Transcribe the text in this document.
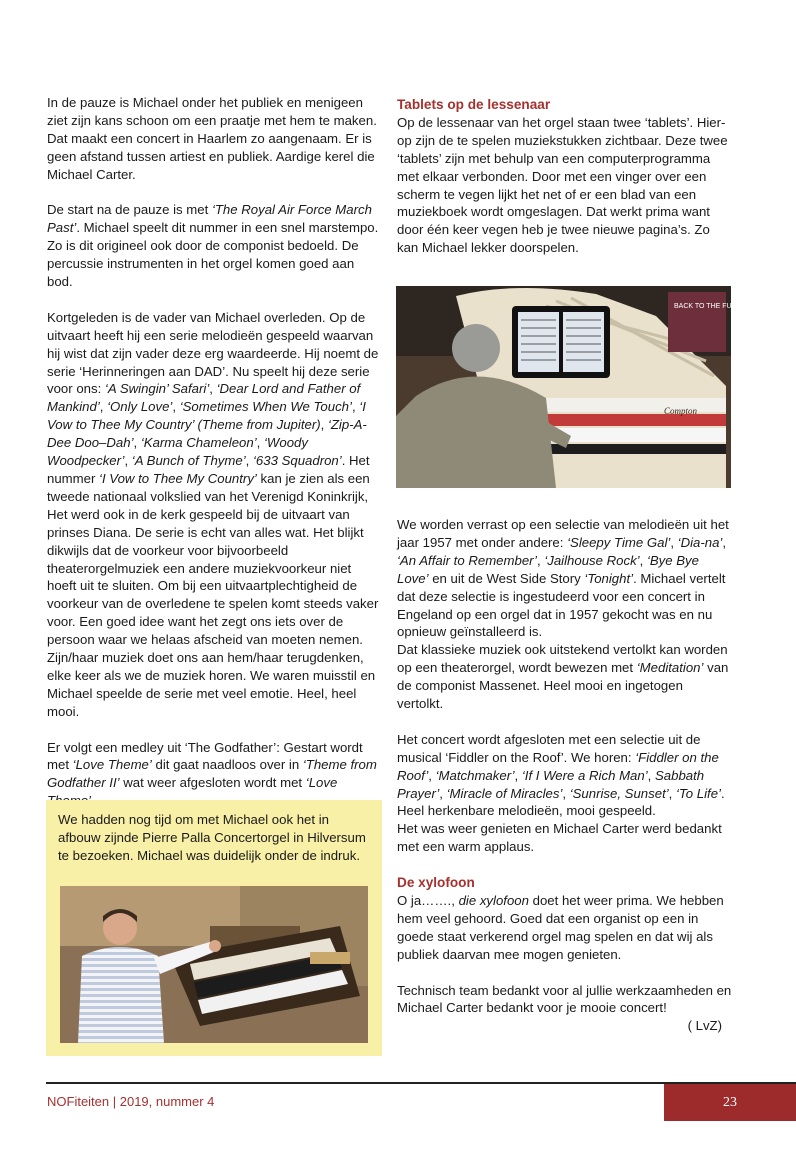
In de pauze is Michael onder het publiek en menigeen ziet zijn kans schoon om een praatje met hem te maken. Dat maakt een concert in Haarlem zo aangenaam. Er is geen afstand tussen artiest en publiek. Aardige kerel die Michael Carter.

De start na de pauze is met ‘The Royal Air Force March Past’. Michael speelt dit nummer in een snel marstempo. Zo is dit origineel ook door de componist bedoeld. De percussie instrumenten in het orgel komen goed aan bod.

Kortgeleden is de vader van Michael overleden. Op de uitvaart heeft hij een serie melodieën gespeeld waarvan hij wist dat zijn vader deze erg waardeerde. Hij noemt de serie ‘Herinneringen aan DAD’. Nu speelt hij deze serie voor ons: ‘A Swingin’ Safari’, ‘Dear Lord and Father of Mankind’, ‘Only Love’, ‘Sometimes When We Touch’, ‘I Vow to Thee My Country’ (Theme from Jupiter), ‘Zip-A-Dee Doo–Dah’, ‘Karma Chameleon’, ‘Woody Woodpecker’, ‘A Bunch of Thyme’, ‘633 Squadron’. Het nummer ‘I Vow to Thee My Country’ kan je zien als een tweede nationaal volkslied van het Verenigd Koninkrijk, Het werd ook in de kerk gespeeld bij de uitvaart van prinses Diana. De serie is echt van alles wat. Het blijkt dikwijls dat de voorkeur voor bijvoorbeeld theaterorgelmuziek een andere muziekvoorkeur niet hoeft uit te sluiten. Om bij een uitvaartplechtigheid de voorkeur van de overledene te spelen komt steeds vaker voor. Een goed idee want het zegt ons iets over de persoon waar we helaas afscheid van moeten nemen. Zijn/haar muziek doet ons aan hem/haar terugdenken, elke keer als we de muziek horen. We waren muisstil en Michael speelde de serie met veel emotie. Heel, heel mooi.

Er volgt een medley uit ‘The Godfather’: Gestart wordt met ‘Love Theme’ dit gaat naadloos over in ‘Theme from Godfather II’ wat weer afgesloten wordt met ‘Love

We hadden nog tijd om met Michael ook het in afbouw zijnde Pierre Palla Concertorgel in Hilversum te bezoeken. Michael was duidelijk onder de indruk.
Tablets op de lessenaar

Op de lessenaar van het orgel staan twee ‘tablets’. Hier-op zijn de te spelen muziekstukken zichtbaar. Deze twee ‘tablets’ zijn met behulp van een computerprogramma met elkaar verbonden. Door met een vinger over een scherm te vegen lijkt het net of er een blad van een muziekboek wordt omgeslagen. Dat werkt prima want door één keer vegen heb je twee nieuwe pagina’s. Zo kan Michael lekker doorspelen.

BACK TO THE FUTURE
Compton

We worden verrast op een selectie van melodieën uit het jaar 1957 met onder andere: ‘Sleepy Time Gal’, ‘Dia-na’, ‘An Affair to Remember’, ‘Jailhouse Rock’, ‘Bye Bye Love’ en uit de West Side Story ‘Tonight’. Michael vertelt dat deze selectie is ingestudeerd voor een concert in Engeland op een orgel dat in 1957 gekocht was en nu opnieuw geïnstalleerd is.

Dat klassieke muziek ook uitstekend vertolkt kan worden op een theaterorgel, wordt bewezen met ‘Meditation’ van de componist Massenet. Heel mooi en ingetogen vertolkt.

Het concert wordt afgesloten met een selectie uit de musical ‘Fiddler on the Roof’. We horen: ‘Fiddler on the Roof’, ‘Matchmaker’, ‘If I Were a Rich Man’, Sabbath Prayer’, ‘Miracle of Miracles’, ‘Sunrise, Sunset’, ‘To Life’.

Heel herkenbare melodieën, mooi gespeeld.

Het was weer genieten en Michael Carter werd bedankt met een warm applaus.

De xylofoon

O ja……., die xylofoon doet het weer prima. We hebben hem veel gehoord. Goed dat een organist op een in goede staat verkerend orgel mag spelen en dat wij als publiek daarvan mee mogen genieten.

Technisch team bedankt voor al jullie werkzaamheden en Michael Carter bedankt voor je mooie concert!

( LvZ)

NOFiteiten | 2019, nummer 4	23
